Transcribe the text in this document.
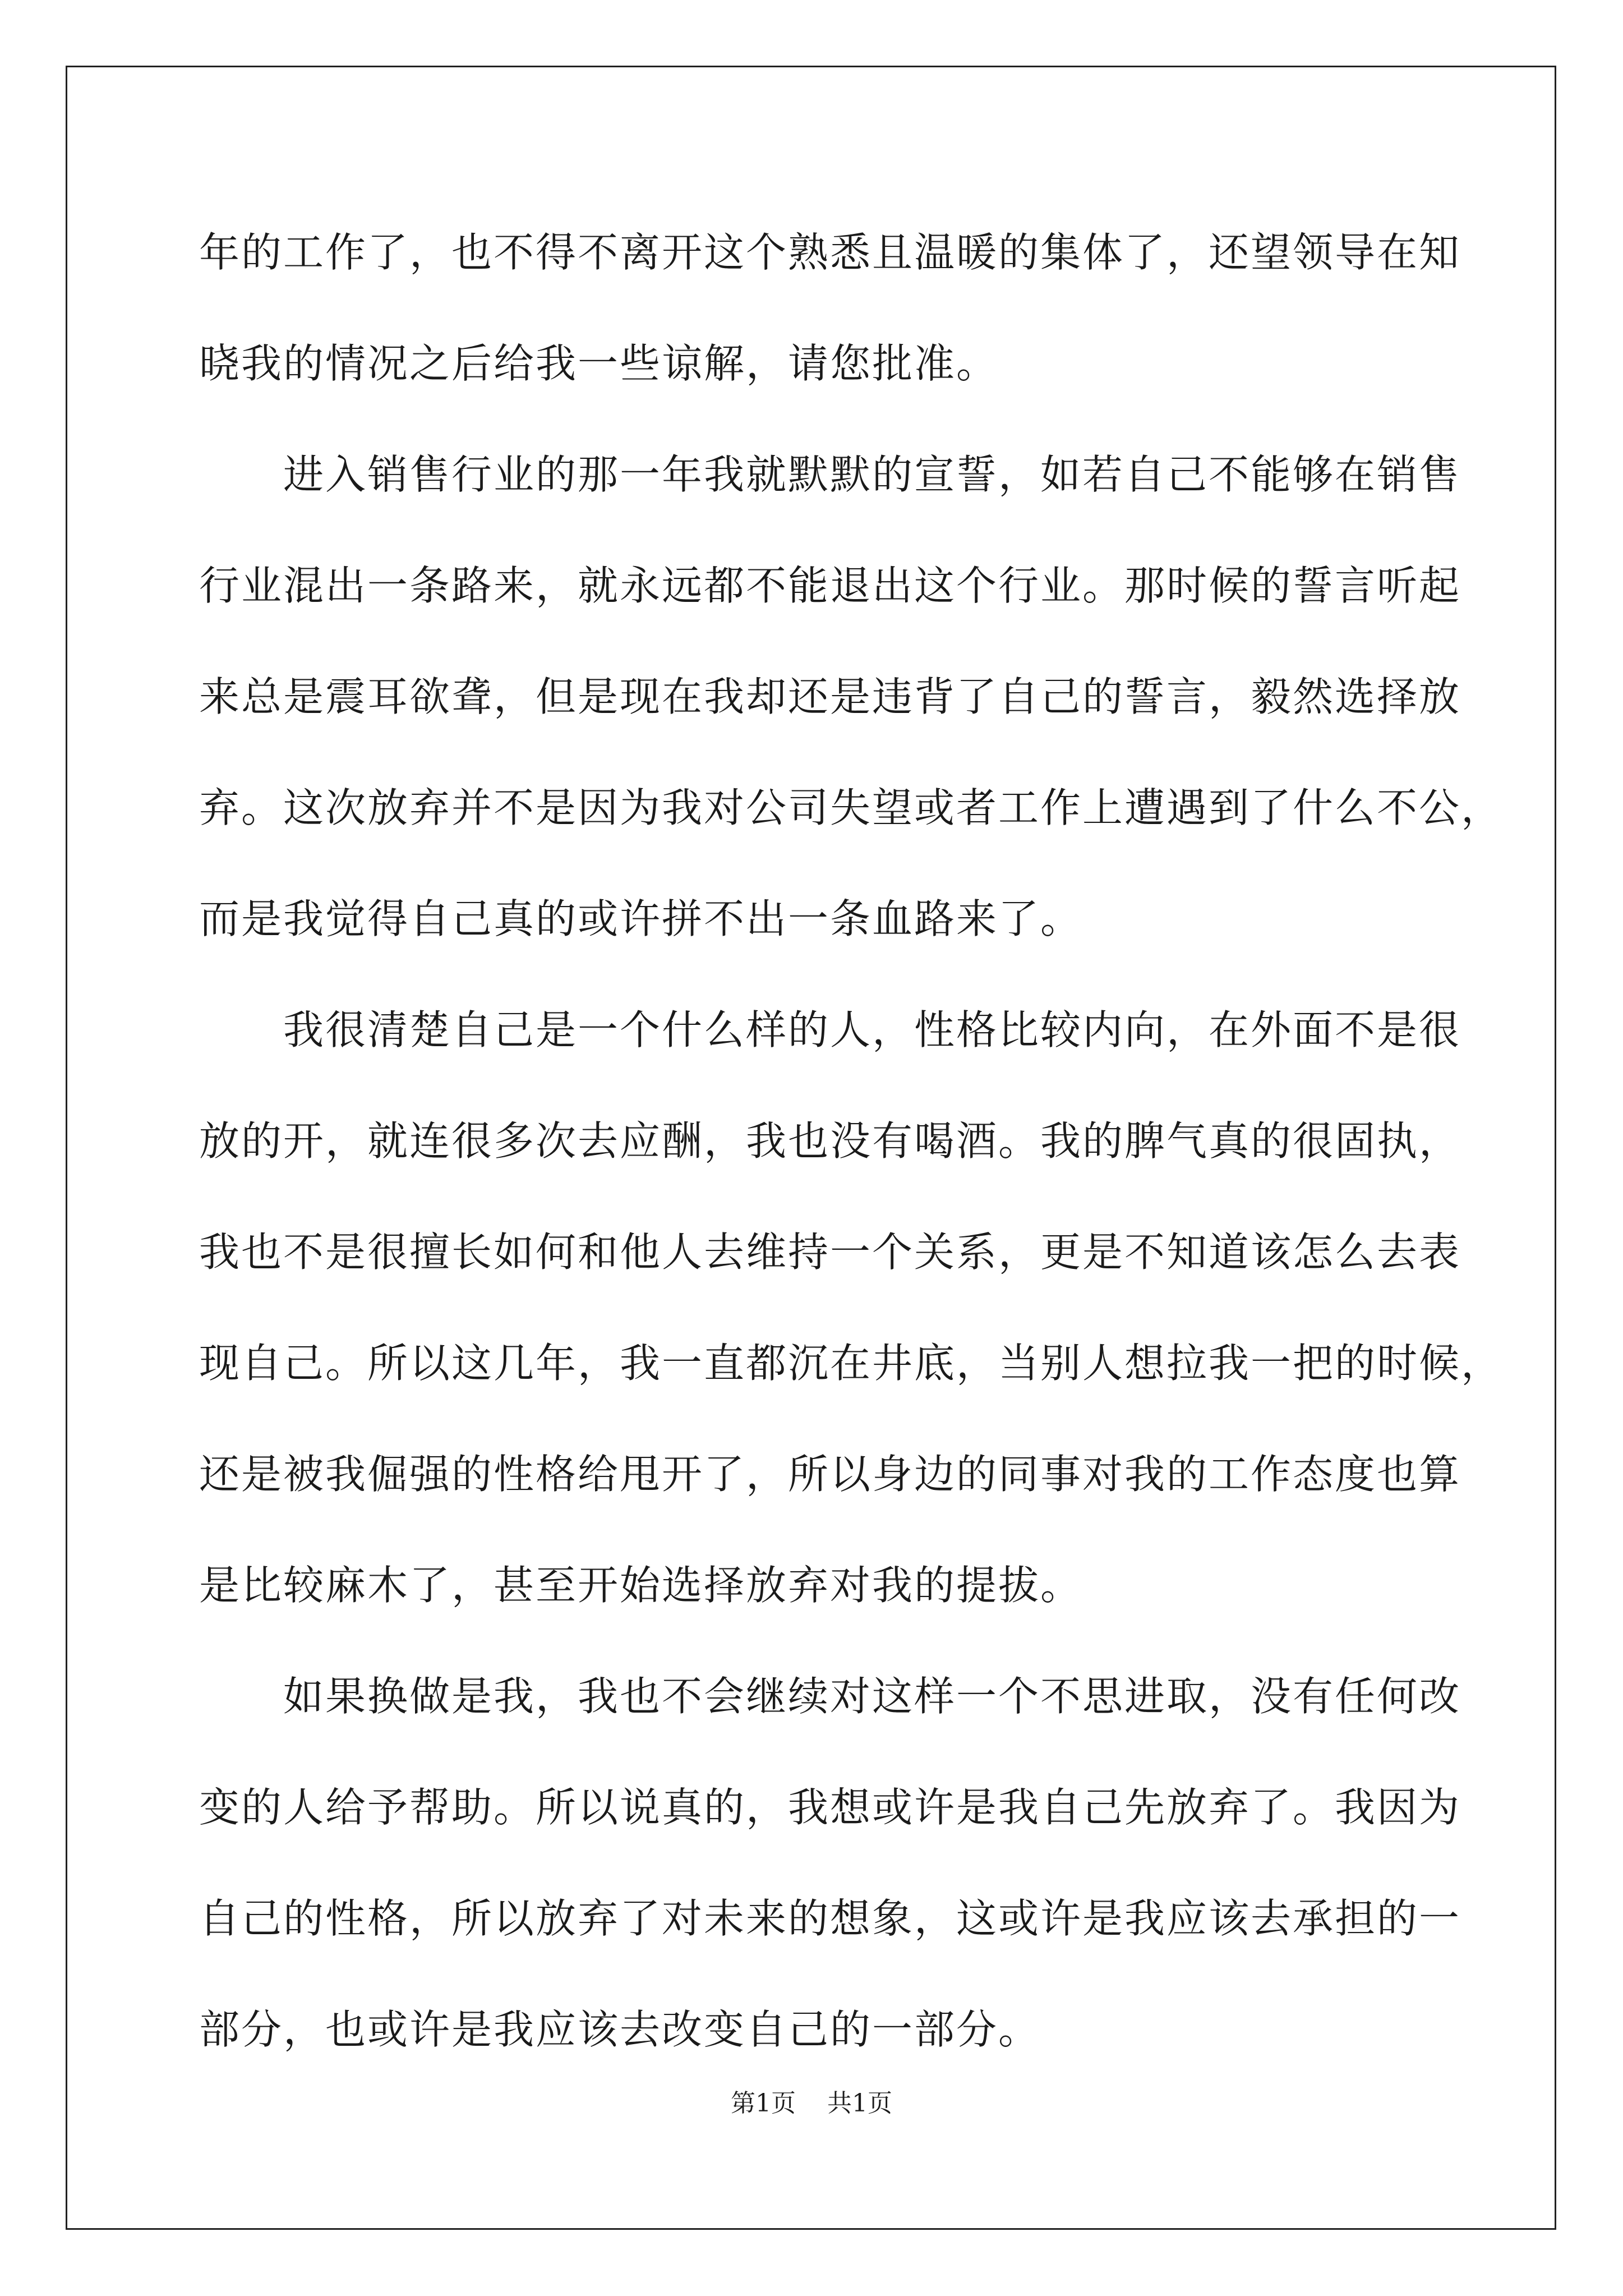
年的工作了，也不得不离开这个熟悉且温暖的集体了，还望领导在知
晓我的情况之后给我一些谅解，请您批准。
进入销售行业的那一年我就默默的宣誓，如若自己不能够在销售
行业混出一条路来，就永远都不能退出这个行业。那时候的誓言听起
来总是震耳欲聋，但是现在我却还是违背了自己的誓言，毅然选择放
弃。这次放弃并不是因为我对公司失望或者工作上遭遇到了什么不公，
而是我觉得自己真的或许拼不出一条血路来了。
我很清楚自己是一个什么样的人，性格比较内向，在外面不是很
放的开，就连很多次去应酬，我也没有喝酒。我的脾气真的很固执，
我也不是很擅长如何和他人去维持一个关系，更是不知道该怎么去表
现自己。所以这几年，我一直都沉在井底，当别人想拉我一把的时候，
还是被我倔强的性格给甩开了，所以身边的同事对我的工作态度也算
是比较麻木了，甚至开始选择放弃对我的提拔。
如果换做是我，我也不会继续对这样一个不思进取，没有任何改
变的人给予帮助。所以说真的，我想或许是我自己先放弃了。我因为
自己的性格，所以放弃了对未来的想象，这或许是我应该去承担的一
部分，也或许是我应该去改变自己的一部分。
第1页 共1页
